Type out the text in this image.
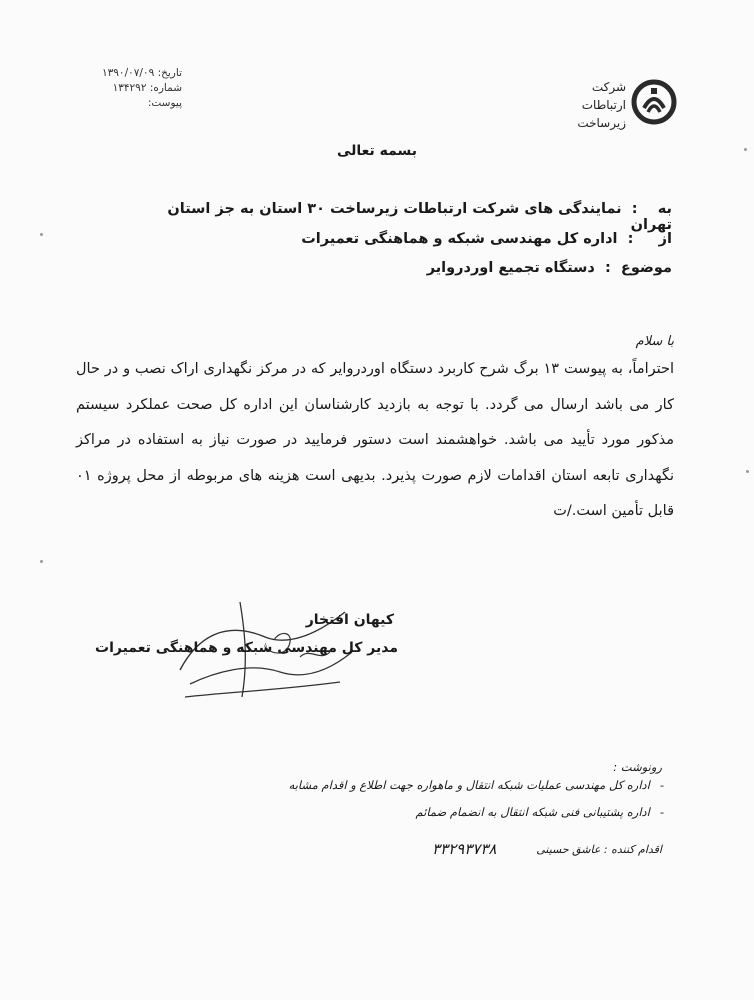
شرکت
ارتباطات
زیرساخت
تاریخ: ۱۳۹۰/۰۷/۰۹
شماره: ۱۳۴۲۹۲
پیوست:
بسمه تعالی
به    :  نمایندگی های شرکت ارتباطات زیرساخت ۳۰ استان به جز استان تهران
از     :  اداره کل مهندسی شبکه و هماهنگی تعمیرات
موضوع  :  دستگاه تجمیع اوردروایر
با سلام
احتراماً، به پیوست ۱۳ برگ شرح کاربرد دستگاه اوردروایر که در مرکز نگهداری اراک نصب و در حال کار می باشد ارسال می گردد. با توجه به بازدید کارشناسان این اداره کل صحت عملکرد سیستم مذکور مورد تأیید می باشد. خواهشمند است دستور فرمایید در صورت نیاز به استفاده در مراکز نگهداری تابعه استان اقدامات لازم صورت پذیرد. بدیهی است هزینه های مربوطه از محل پروژه ۰۱ قابل تأمین است./ت
کیهان افتخار
مدیر کل مهندسی شبکه و هماهنگی تعمیرات
رونوشت :
-اداره کل مهندسی عملیات شبکه انتقال و ماهواره جهت اطلاع و اقدام مشابه
-اداره پشتیبانی فنی شبکه انتقال به انضمام ضمائم
اقدام کننده : عاشق حسینی
۳۳۲۹۳۷۳۸
